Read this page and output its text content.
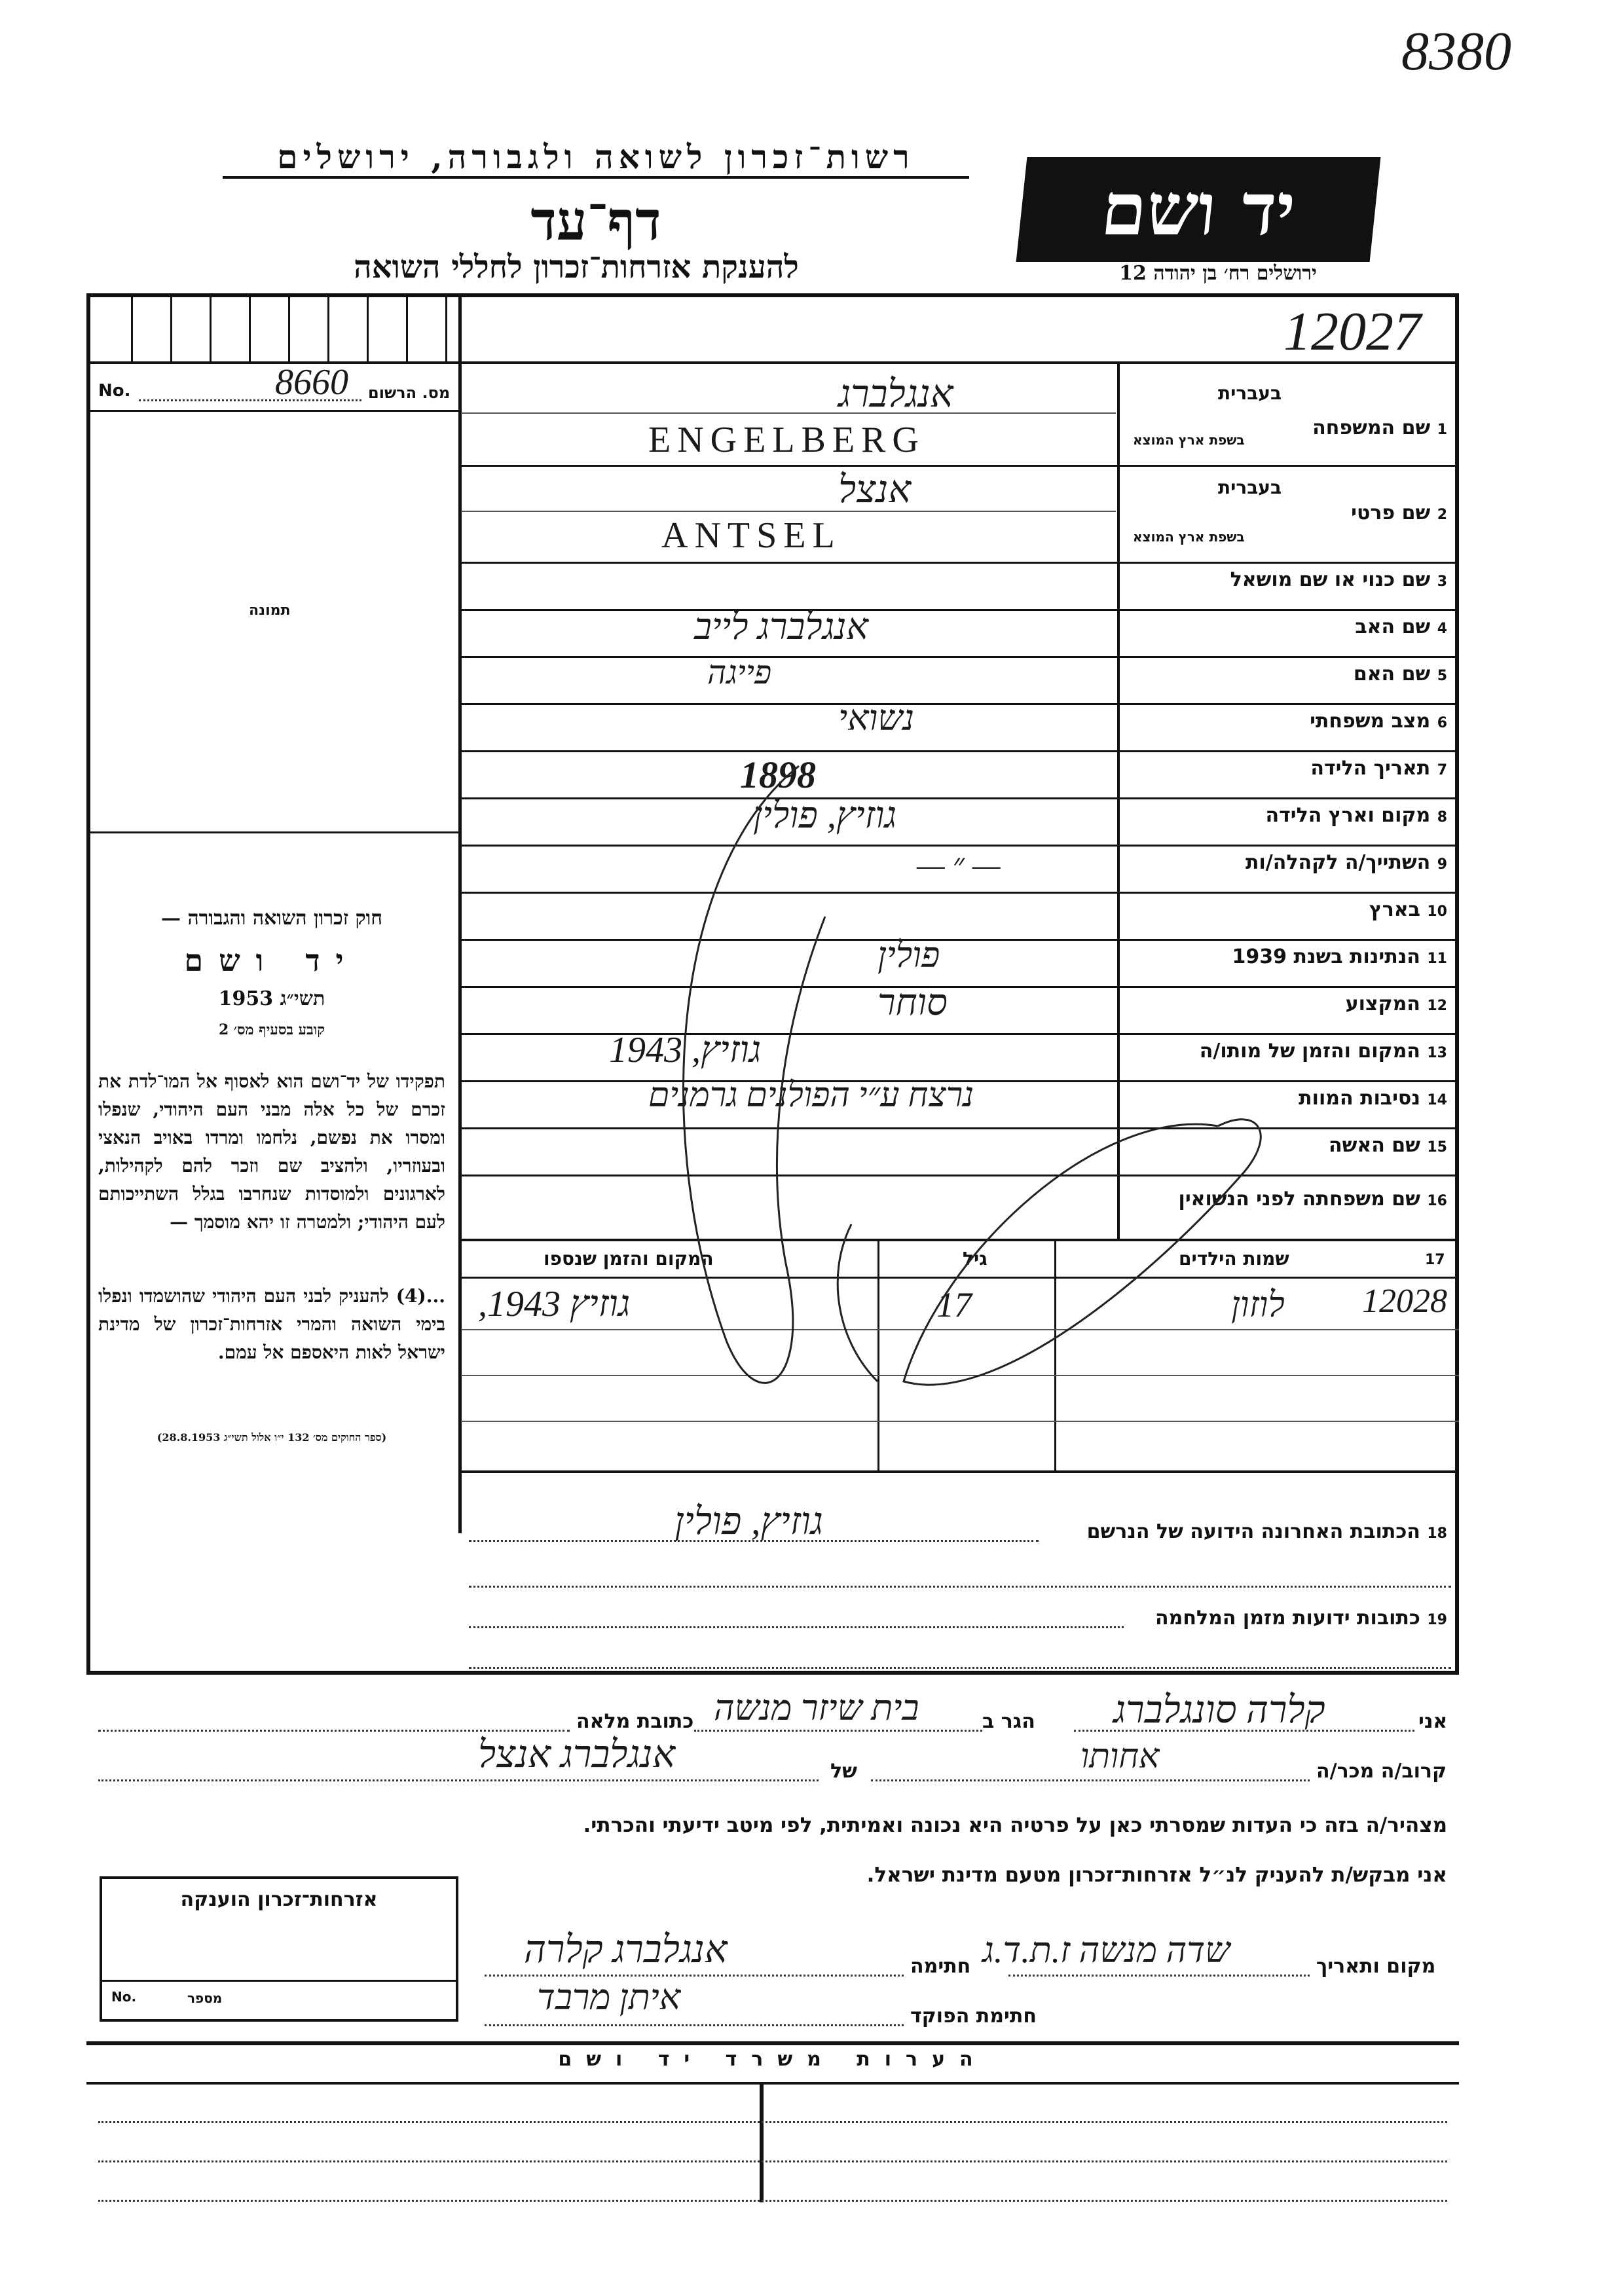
8380
רשות־זכרון לשואה ולגבורה, ירושלים
דף־עד
להענקת אזרחות־זכרון לחללי השואה
יד ושם
ירושלים רח׳ בן יהודה 12
12027
No.	8660 מס. הרשום
תמונה
חוק זכרון השואה והגבורה —
יד ושם
תשי״ג 1953
קובע בסעיף מס׳ 2
תפקידו של יד־ושם הוא לאסוף אל המו־לדת את זכרם של כל אלה מבני העם היהודי, שנפלו ומסרו את נפשם, נלחמו ומרדו באויב הנאצי ובעוזריו, ולהציב שם וזכר להם לקהילות, לארגונים ולמוסדות שנחרבו בגלל השתייכותם לעם היהודי; ולמטרה זו יהא מוסמך —
...(4) להעניק לבני העם היהודי שהושמדו ונפלו בימי השואה והמרי אזרחות־זכרון של מדינת ישראל לאות היאספם אל עמם.
(ספר החוקים מס׳ 132 י״ו אלול תשי״ג 28.8.1953)
1 שם המשפחה
בעברית
בשפת ארץ המוצא
אנגלברג
ENGELBERG
2 שם פרטי
בעברית
בשפת ארץ המוצא
אנצל
ANTSEL
3 שם כנוי או שם מושאל
4 שם האב
אנגלברג לייב
5 שם האם
פייגה
6 מצב משפחתי
נשואי
7 תאריך הלידה
1898
8 מקום וארץ הלידה
גוזיץ, פולין
9 השתייך/ה לקהלה/ות
— ״ —
10 בארץ
11 הנתינות בשנת 1939
פולין
12 המקצוע
סוחר
13 המקום והזמן של מותו/ה
גוזיץ, 1943
14 נסיבות המוות
נרצח ע״י הפולנים גרמנים
15 שם האשה
16 שם משפחתה לפני הנשואין
17
שמות הילדים
גיל
המקום והזמן שנספו
לוזון 12028
17
גוזיץ 1943,
18 הכתובת האחרונה הידועה של הנרשם
גוזיץ, פולין
19 כתובות ידועות מזמן המלחמה
אני
קלרה סונגלברג
הגר ב
בית שיזר מנשה
כתובת מלאה
קרוב/ה מכר/ה
אחותו
של
אנגלברג אנצל
מצהיר/ה בזה כי העדות שמסרתי כאן על פרטיה היא נכונה ואמיתית, לפי מיטב ידיעתי והכרתי.
אני מבקש/ת להעניק לנ״ל אזרחות־זכרון מטעם מדינת ישראל.
אזרחות־זכרון הוענקה
No.	מספר
מקום ותאריך
שדה מנשה ז.ת.ד.ג
חתימה
אנגלברג קלרה
חתימת הפוקד
איתן מרבד
הערות משרד יד ושם
